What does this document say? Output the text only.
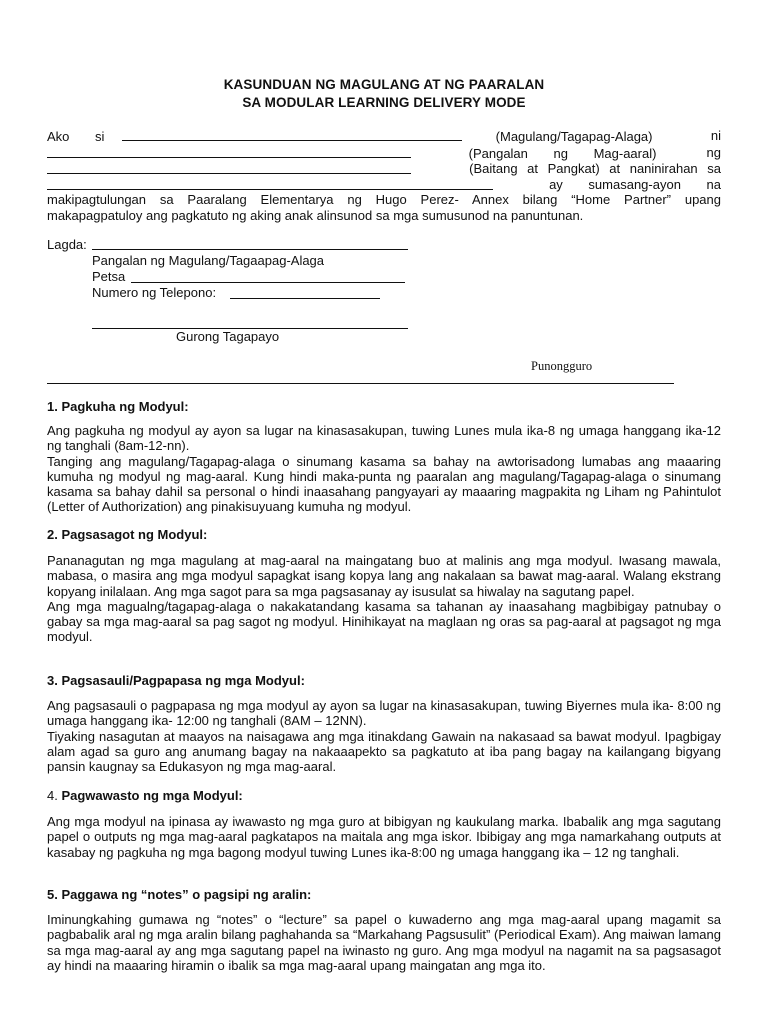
KASUNDUAN NG MAGULANG AT NG PAARALAN
SA MODULAR LEARNING DELIVERY MODE
Ako si	(Magulang/Tagapag-Alaga)	ni
(Pangalan ng Mag-aaral)	ng
(Baitang at Pangkat) at naninirahan sa
ay sumasang-ayon na
makipagtulungan sa Paaralang Elementarya ng Hugo Perez- Annex bilang “Home Partner” upang
makapagpatuloy ang pagkatuto ng aking anak alinsunod sa mga sumusunod na panuntunan.
Lagda:
Pangalan ng Magulang/Tagaapag-Alaga
Petsa
Numero ng Telepono:
Gurong Tagapayo
Punongguro
1. Pagkuha ng Modyul:

Ang pagkuha ng modyul ay ayon sa lugar na kinasasakupan, tuwing Lunes mula ika-8 ng umaga hanggang ika-12 ng tanghali (8am-12-nn).

Tanging ang magulang/Tagapag-alaga o sinumang kasama sa bahay na awtorisadong lumabas ang maaaring kumuha ng modyul ng mag-aaral. Kung hindi maka-punta ng paaralan ang magulang/Tagapag-alaga o sinumang kasama sa bahay dahil sa personal o hindi inaasahang pangyayari ay maaaring magpakita ng Liham ng Pahintulot (Letter of Authorization) ang pinakisuyuang kumuha ng modyul.

2. Pagsasagot ng Modyul:

Pananagutan ng mga magulang at mag-aaral na maingatang buo at malinis ang mga modyul. Iwasang mawala, mabasa, o masira ang mga modyul sapagkat isang kopya lang ang nakalaan sa bawat mag-aaral. Walang ekstrang kopyang inilalaan. Ang mga sagot para sa mga pagsasanay ay isusulat sa hiwalay na sagutang papel.

Ang mga magualng/tagapag-alaga o nakakatandang kasama sa tahanan ay inaasahang magbibigay patnubay o gabay sa mga mag-aaral sa pag sagot ng modyul. Hinihikayat na maglaan ng oras sa pag-aaral at pagsagot ng mga modyul.

3. Pagsasauli/Pagpapasa ng mga Modyul:

Ang pagsasauli o pagpapasa ng mga modyul ay ayon sa lugar na kinasasakupan, tuwing Biyernes mula ika- 8:00 ng umaga hanggang ika- 12:00 ng tanghali (8AM – 12NN).

Tiyaking nasagutan at maayos na naisagawa ang mga itinakdang Gawain na nakasaad sa bawat modyul. Ipagbigay alam agad sa guro ang anumang bagay na nakaaapekto sa pagkatuto at iba pang bagay na kailangang bigyang pansin kaugnay sa Edukasyon ng mga mag-aaral.

4. Pagwawasto ng mga Modyul:

Ang mga modyul na ipinasa ay iwawasto ng mga guro at bibigyan ng kaukulang marka. Ibabalik ang mga sagutang papel o outputs ng mga mag-aaral pagkatapos na maitala ang mga iskor. Ibibigay ang mga namarkahang outputs at kasabay ng pagkuha ng mga bagong modyul tuwing Lunes ika-8:00 ng umaga hanggang ika – 12 ng tanghali.

5. Paggawa ng “notes” o pagsipi ng aralin:

Iminungkahing gumawa ng “notes” o “lecture” sa papel o kuwaderno ang mga mag-aaral upang magamit sa pagbabalik aral ng mga aralin bilang paghahanda sa “Markahang Pagsusulit” (Periodical Exam). Ang maiwan lamang sa mga mag-aaral ay ang mga sagutang papel na iwinasto ng guro. Ang mga modyul na nagamit na sa pagsasagot ay hindi na maaaring hiramin o ibalik sa mga mag-aaral upang maingatan ang mga ito.
